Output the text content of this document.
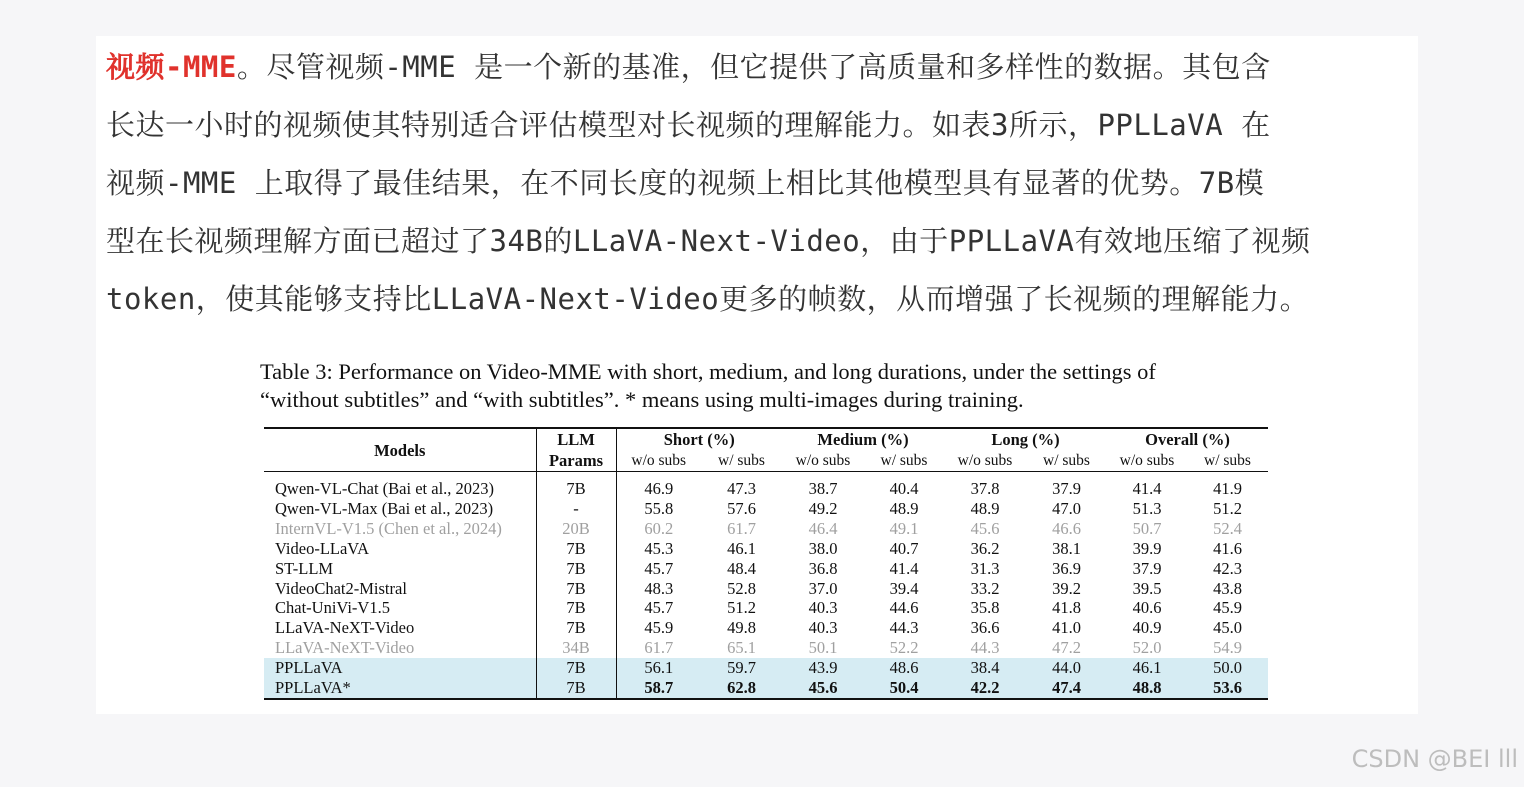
视频-MME。尽管视频-MME 是一个新的基准，但它提供了高质量和多样性的数据。其包含
长达一小时的视频使其特别适合评估模型对长视频的理解能力。如表3所示，PPLLaVA 在
视频-MME 上取得了最佳结果，在不同长度的视频上相比其他模型具有显著的优势。7B模
型在长视频理解方面已超过了34B的LLaVA-Next-Video，由于PPLLaVA有效地压缩了视频
token，使其能够支持比LLaVA-Next-Video更多的帧数，从而增强了长视频的理解能力。
Table 3: Performance on Video-MME with short, medium, and long durations, under the settings of
“without subtitles” and “with subtitles”. * means using multi-images during training.
Models	LLM	Short (%)		Medium (%)		Long (%)		Overall (%)	
	Params	w/o subs	w/ subs	w/o subs	w/ subs	w/o subs	w/ subs	w/o subs	w/ subs
Qwen-VL-Chat (Bai et al., 2023)	7B	46.9	47.3	38.7	40.4	37.8	37.9	41.4	41.9
Qwen-VL-Max (Bai et al., 2023)	-	55.8	57.6	49.2	48.9	48.9	47.0	51.3	51.2
InternVL-V1.5 (Chen et al., 2024)	20B	60.2	61.7	46.4	49.1	45.6	46.6	50.7	52.4
Video-LLaVA	7B	45.3	46.1	38.0	40.7	36.2	38.1	39.9	41.6
ST-LLM	7B	45.7	48.4	36.8	41.4	31.3	36.9	37.9	42.3
VideoChat2-Mistral	7B	48.3	52.8	37.0	39.4	33.2	39.2	39.5	43.8
Chat-UniVi-V1.5	7B	45.7	51.2	40.3	44.6	35.8	41.8	40.6	45.9
LLaVA-NeXT-Video	7B	45.9	49.8	40.3	44.3	36.6	41.0	40.9	45.0
LLaVA-NeXT-Video	34B	61.7	65.1	50.1	52.2	44.3	47.2	52.0	54.9
PPLLaVA	7B	56.1	59.7	43.9	48.6	38.4	44.0	46.1	50.0
PPLLaVA*	7B	58.7	62.8	45.6	50.4	42.2	47.4	48.8	53.6
CSDN @BEI lll
